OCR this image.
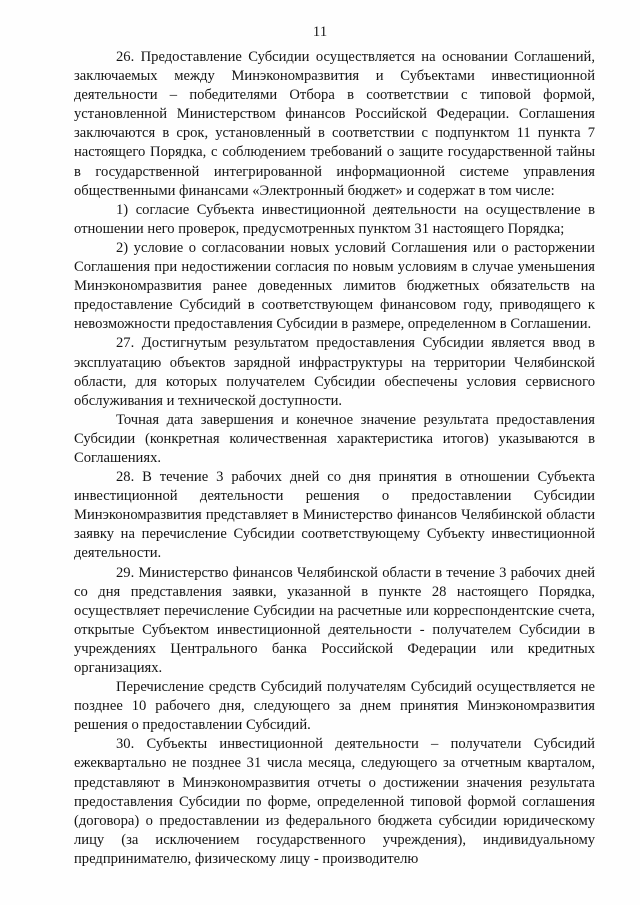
11

26. Предоставление Субсидии осуществляется на основании Соглашений, заключаемых между Минэкономразвития и Субъектами инвестиционной деятельности – победителями Отбора в соответствии с типовой формой, установленной Министерством финансов Российской Федерации. Соглашения заключаются в срок, установленный в соответствии с подпунктом 11 пункта 7 настоящего Порядка, с соблюдением требований о защите государственной тайны в государственной интегрированной информационной системе управления общественными финансами «Электронный бюджет» и содержат в том числе:

1) согласие Субъекта инвестиционной деятельности на осуществление в отношении него проверок, предусмотренных пунктом 31 настоящего Порядка;

2) условие о согласовании новых условий Соглашения или о расторжении Соглашения при недостижении согласия по новым условиям в случае уменьшения Минэкономразвития ранее доведенных лимитов бюджетных обязательств на предоставление Субсидий в соответствующем финансовом году, приводящего к невозможности предоставления Субсидии в размере, определенном в Соглашении.

27. Достигнутым результатом предоставления Субсидии является ввод в эксплуатацию объектов зарядной инфраструктуры на территории Челябинской области, для которых получателем Субсидии обеспечены условия сервисного обслуживания и технической доступности.

Точная дата завершения и конечное значение результата предоставления Субсидии (конкретная количественная характеристика итогов) указываются в Соглашениях.

28. В течение 3 рабочих дней со дня принятия в отношении Субъекта инвестиционной деятельности решения о предоставлении Субсидии Минэкономразвития представляет в Министерство финансов Челябинской области заявку на перечисление Субсидии соответствующему Субъекту инвестиционной деятельности.

29. Министерство финансов Челябинской области в течение 3 рабочих дней со дня представления заявки, указанной в пункте 28 настоящего Порядка, осуществляет перечисление Субсидии на расчетные или корреспондентские счета, открытые Субъектом инвестиционной деятельности - получателем Субсидии в учреждениях Центрального банка Российской Федерации или кредитных организациях.

Перечисление средств Субсидий получателям Субсидий осуществляется не позднее 10 рабочего дня, следующего за днем принятия Минэкономразвития решения о предоставлении Субсидий.

30. Субъекты инвестиционной деятельности – получатели Субсидий ежеквартально не позднее 31 числа месяца, следующего за отчетным кварталом, представляют в Минэкономразвития отчеты о достижении значения результата предоставления Субсидии по форме, определенной типовой формой соглашения (договора) о предоставлении из федерального бюджета субсидии юридическому лицу (за исключением государственного учреждения), индивидуальному предпринимателю, физическому лицу - производителю
